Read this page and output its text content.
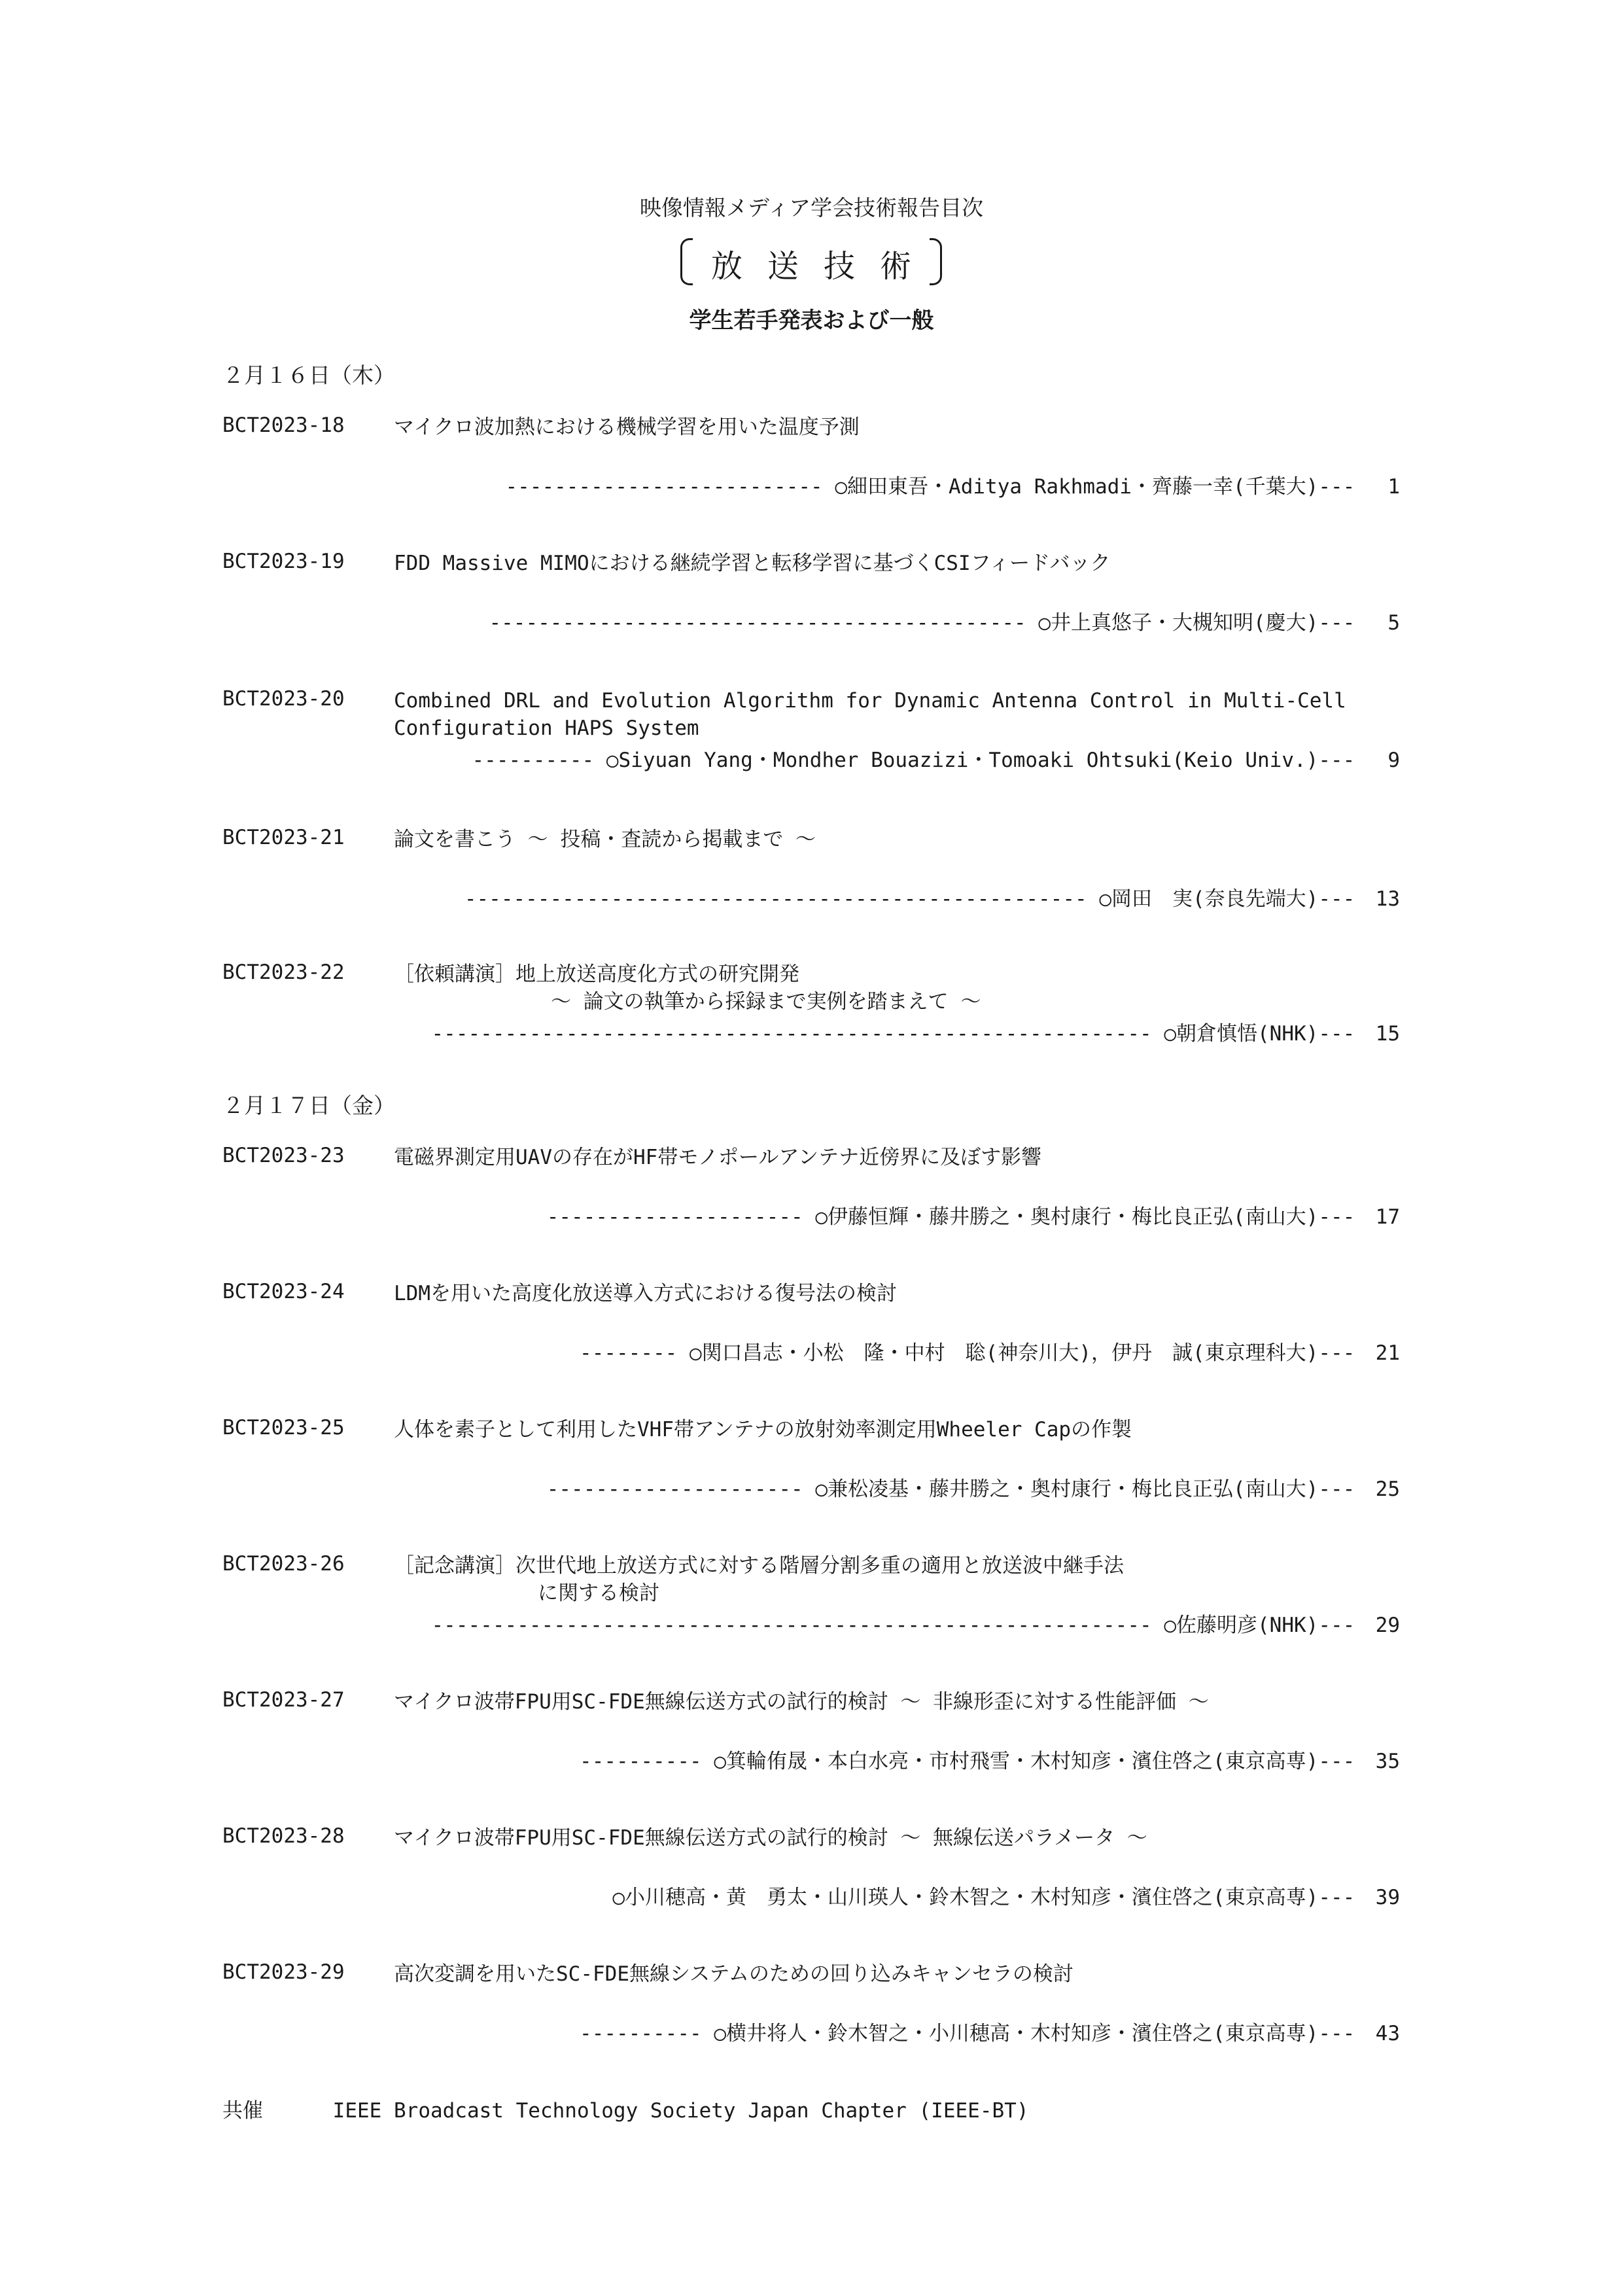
映像情報メディア学会技術報告目次
放送技術
学生若手発表および一般
２月１６日（木）
BCT2023-18 マイクロ波加熱における機械学習を用いた温度予測
-------------------------- ○細田東吾・Aditya Rakhmadi・齊藤一幸(千葉大)--- 1
BCT2023-19 FDD Massive MIMOにおける継続学習と転移学習に基づくCSIフィードバック
-------------------------------------------- ○井上真悠子・大槻知明(慶大)--- 5
BCT2023-20 Combined DRL and Evolution Algorithm for Dynamic Antenna Control in Multi-Cell
Configuration HAPS System
---------- ○Siyuan Yang・Mondher Bouazizi・Tomoaki Ohtsuki(Keio Univ.)--- 9
BCT2023-21 論文を書こう 〜 投稿・査読から掲載まで 〜
--------------------------------------------------- ○岡田　実(奈良先端大)--- 13
BCT2023-22 ［依頼講演］地上放送高度化方式の研究開発
〜 論文の執筆から採録まで実例を踏まえて 〜
----------------------------------------------------------- ○朝倉慎悟(NHK)--- 15
２月１７日（金）
BCT2023-23 電磁界測定用UAVの存在がHF帯モノポールアンテナ近傍界に及ぼす影響
--------------------- ○伊藤恒輝・藤井勝之・奥村康行・梅比良正弘(南山大)--- 17
BCT2023-24 LDMを用いた高度化放送導入方式における復号法の検討
-------- ○関口昌志・小松　隆・中村　聡(神奈川大)，伊丹　誠(東京理科大)--- 21
BCT2023-25 人体を素子として利用したVHF帯アンテナの放射効率測定用Wheeler Capの作製
--------------------- ○兼松凌基・藤井勝之・奥村康行・梅比良正弘(南山大)--- 25
BCT2023-26 ［記念講演］次世代地上放送方式に対する階層分割多重の適用と放送波中継手法
に関する検討
----------------------------------------------------------- ○佐藤明彦(NHK)--- 29
BCT2023-27 マイクロ波帯FPU用SC-FDE無線伝送方式の試行的検討 〜 非線形歪に対する性能評価 〜
---------- ○箕輪侑晟・本白水亮・市村飛雪・木村知彦・濱住啓之(東京高専)--- 35
BCT2023-28 マイクロ波帯FPU用SC-FDE無線伝送方式の試行的検討 〜 無線伝送パラメータ 〜
○小川穂高・黄　勇太・山川瑛人・鈴木智之・木村知彦・濱住啓之(東京高専)--- 39
BCT2023-29 高次変調を用いたSC-FDE無線システムのための回り込みキャンセラの検討
---------- ○横井将人・鈴木智之・小川穂高・木村知彦・濱住啓之(東京高専)--- 43
共催	IEEE Broadcast Technology Society Japan Chapter (IEEE-BT)
